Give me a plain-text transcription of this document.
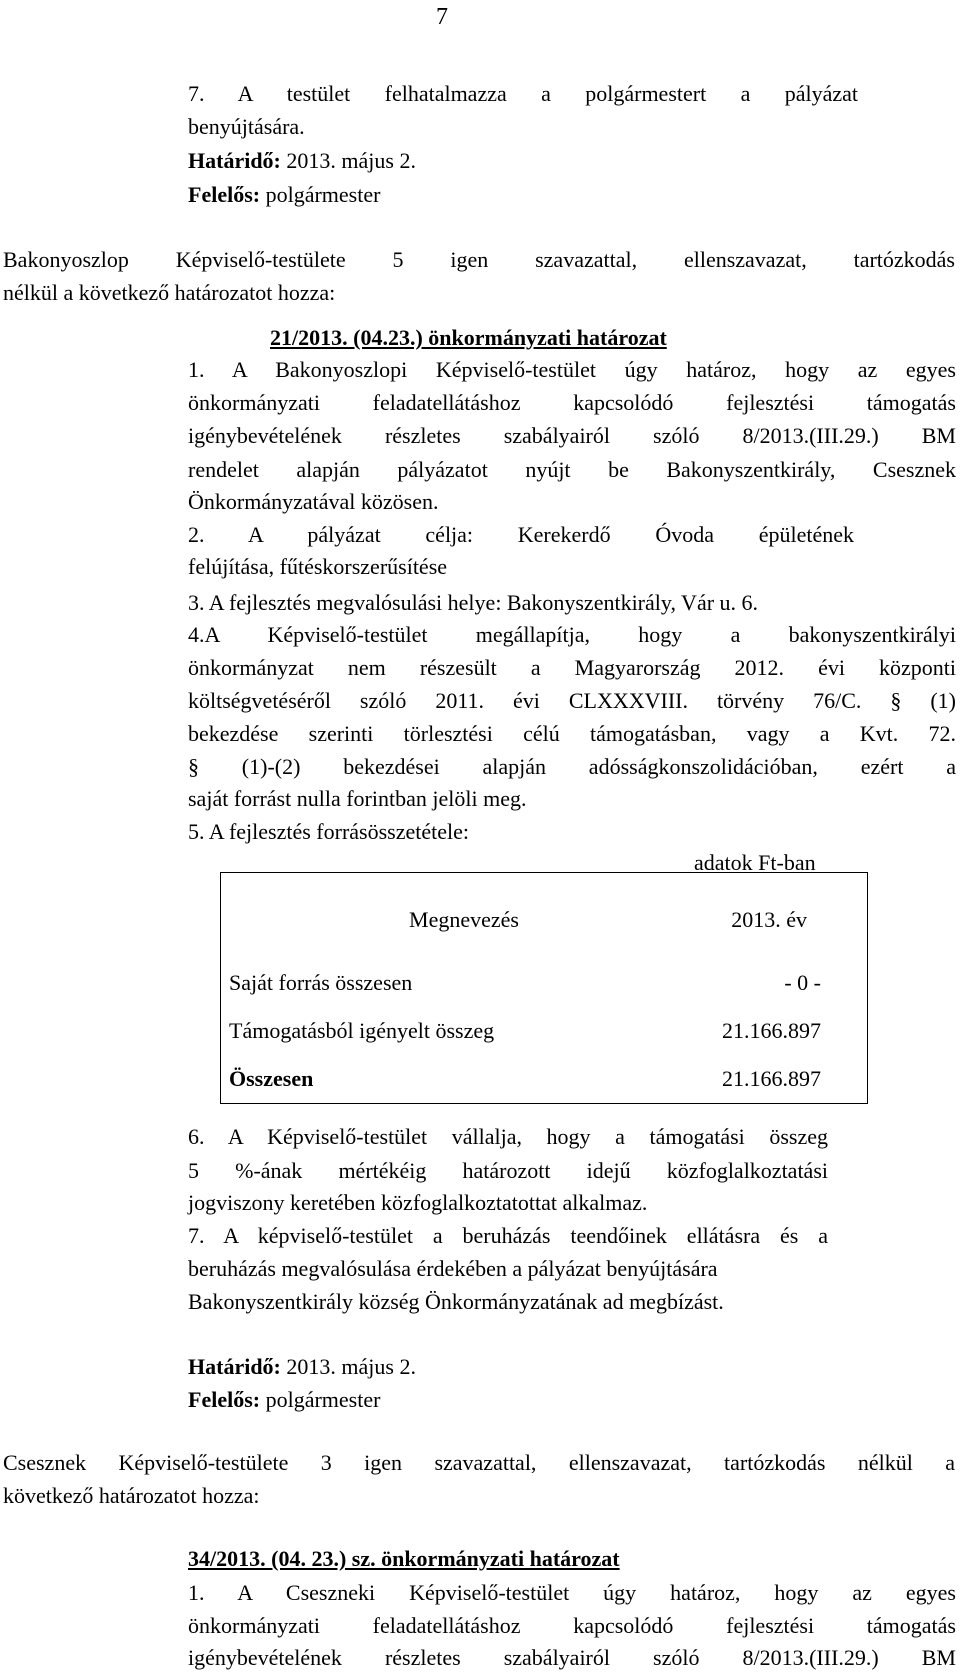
7
7. A testület felhatalmazza a polgármestert a pályázat
benyújtására.
Határidő: 2013. május 2.
Felelős: polgármester
Bakonyoszlop Képviselő-testülete 5 igen szavazattal, ellenszavazat, tartózkodás
nélkül a következő határozatot hozza:
21/2013. (04.23.) önkormányzati határozat
1. A Bakonyoszlopi Képviselő-testület úgy határoz, hogy az egyes
önkormányzati feladatellátáshoz kapcsolódó fejlesztési támogatás
igénybevételének részletes szabályairól szóló 8/2013.(III.29.) BM
rendelet alapján pályázatot nyújt be Bakonyszentkirály, Csesznek
Önkormányzatával közösen.
2. A pályázat célja: Kerekerdő Óvoda épületének
felújítása, fűtéskorszerűsítése
3. A fejlesztés megvalósulási helye: Bakonyszentkirály, Vár u. 6.
4.A Képviselő-testület megállapítja, hogy a bakonyszentkirályi
önkormányzat nem részesült a Magyarország 2012. évi központi
költségvetéséről szóló 2011. évi CLXXXVIII. törvény 76/C. § (1)
bekezdése szerinti törlesztési célú támogatásban, vagy a Kvt. 72.
§ (1)-(2) bekezdései alapján adósságkonszolidációban, ezért a
saját forrást nulla forintban jelöli meg.
5. A fejlesztés forrásösszetétele:
adatok Ft-ban
Megnevezés	2013. év
Saját forrás összesen	- 0 -
Támogatásból igényelt összeg	21.166.897
Összesen	21.166.897
6. A Képviselő-testület vállalja, hogy a támogatási összeg
5 %-ának mértékéig határozott idejű közfoglalkoztatási
jogviszony keretében közfoglalkoztatottat alkalmaz.
7. A képviselő-testület a beruházás teendőinek ellátásra és a
beruházás megvalósulása érdekében a pályázat benyújtására
Bakonyszentkirály község Önkormányzatának ad megbízást.
Határidő: 2013. május 2.
Felelős: polgármester
Csesznek Képviselő-testülete 3 igen szavazattal, ellenszavazat, tartózkodás nélkül a
következő határozatot hozza:
34/2013. (04. 23.) sz. önkormányzati határozat
1. A Cseszneki Képviselő-testület úgy határoz, hogy az egyes
önkormányzati feladatellátáshoz kapcsolódó fejlesztési támogatás
igénybevételének részletes szabályairól szóló 8/2013.(III.29.) BM
